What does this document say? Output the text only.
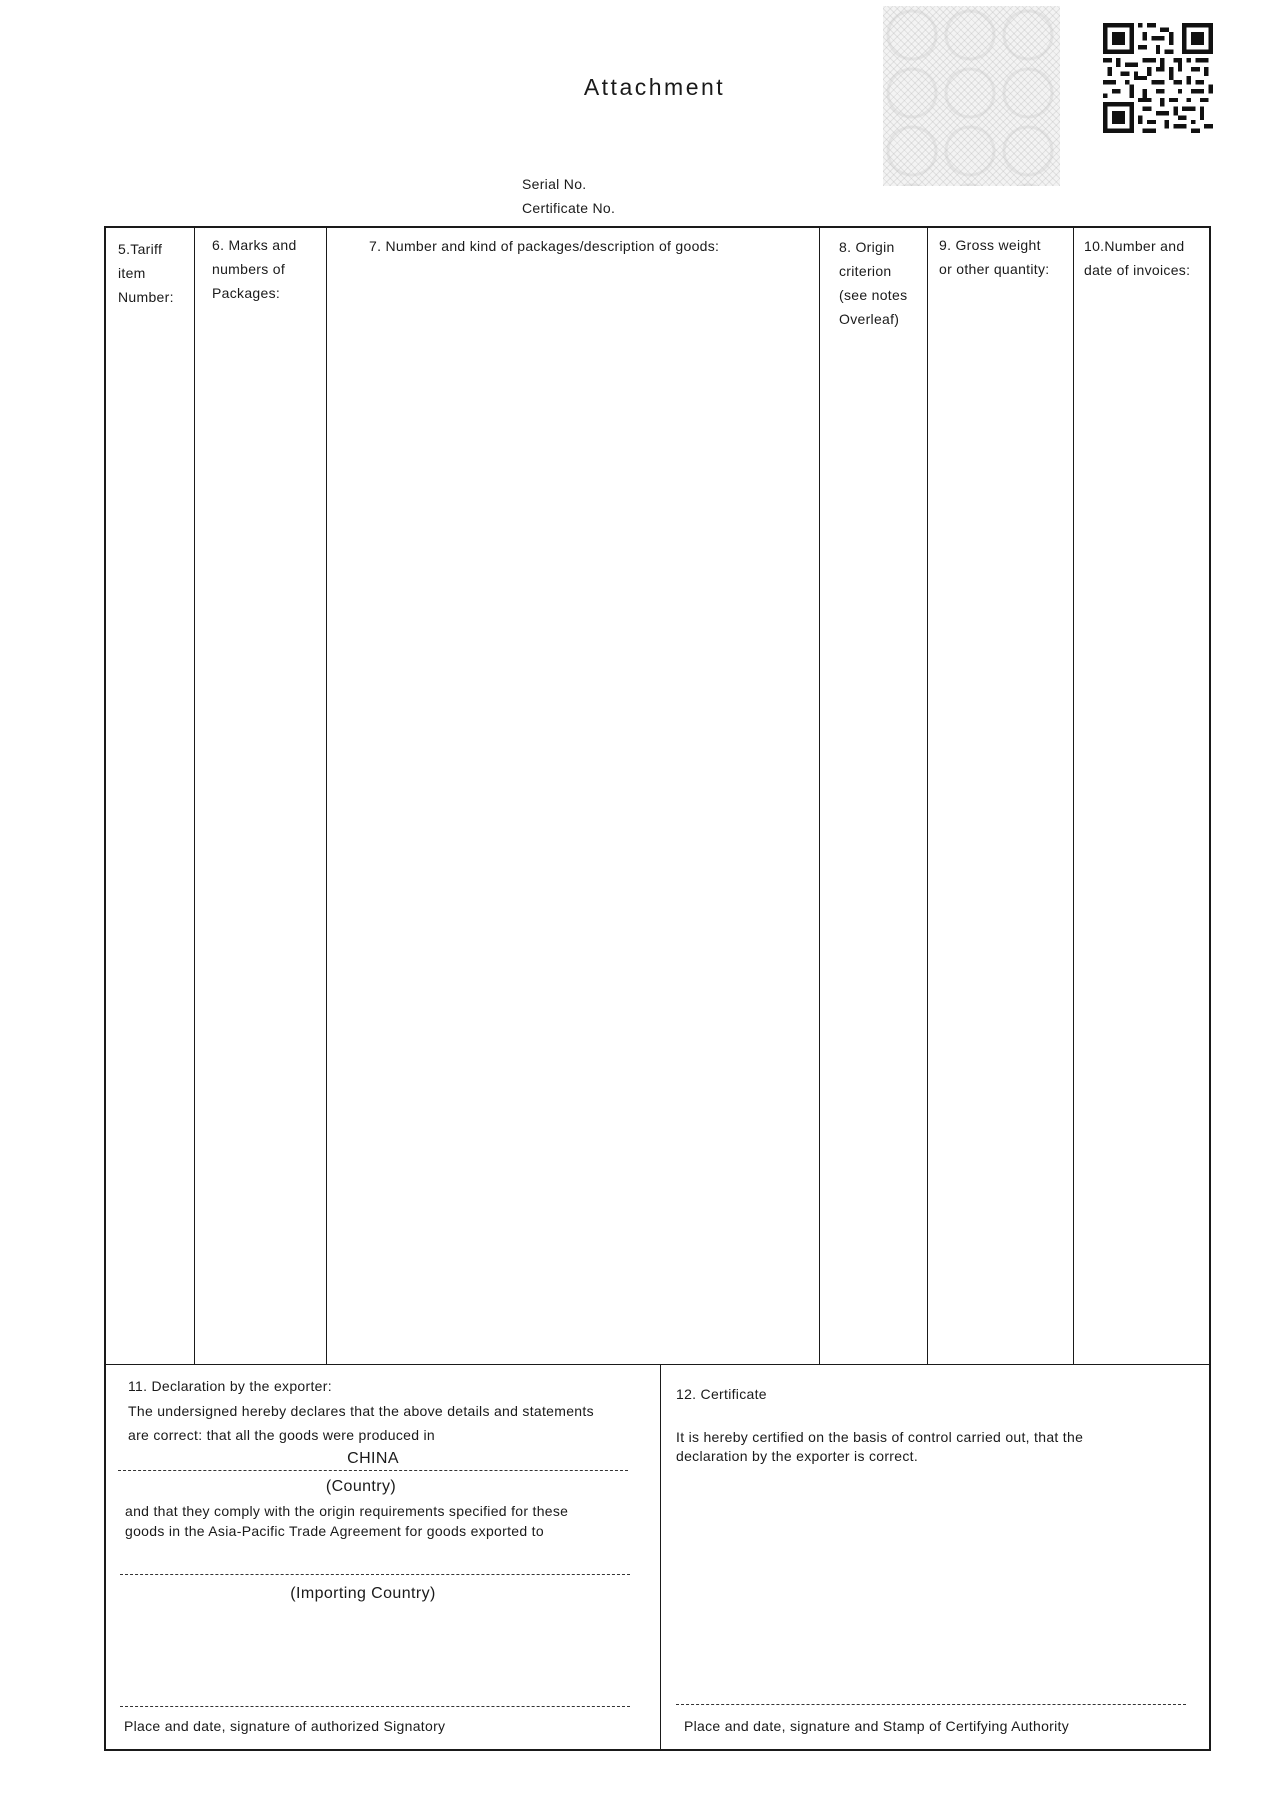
Attachment
Serial No.
Certificate No.
5.Tariff
item
Number:
6. Marks and
numbers of
Packages:
7. Number and kind of packages/description of goods:	8. Origin
criterion
(see notes
Overleaf)
9. Gross weight
or other quantity:
10.Number and
date of invoices:
11. Declaration by the exporter:
The undersigned hereby declares that the above details and statements
are correct: that all the goods were produced in
CHINA
(Country)
and that they comply with the origin requirements specified for these
goods in the Asia-Pacific Trade Agreement for goods exported to
(Importing Country)
Place and date, signature of authorized Signatory
12. Certificate
It is hereby certified on the basis of control carried out, that the
declaration by the exporter is correct.
Place and date, signature and Stamp of Certifying Authority
